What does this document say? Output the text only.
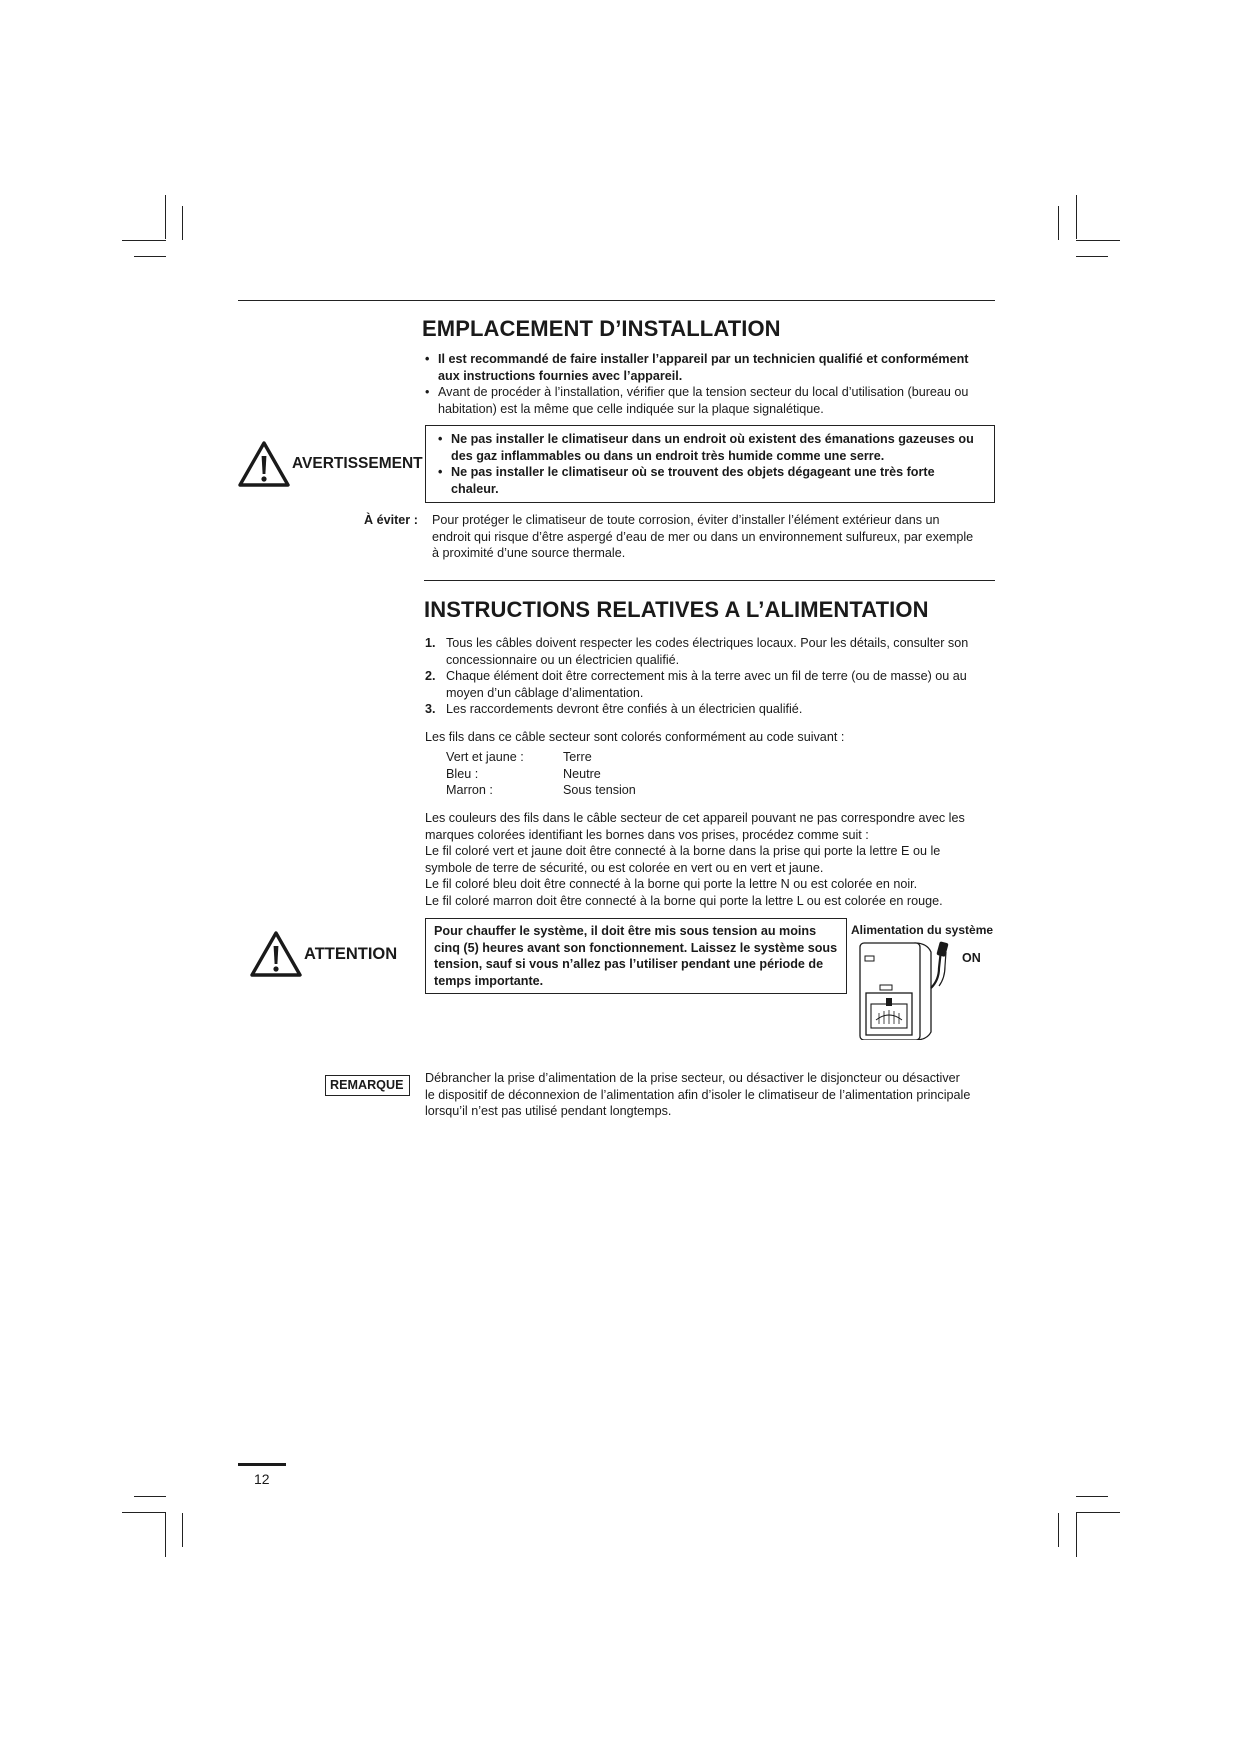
EMPLACEMENT D’INSTALLATION
• Il est recommandé de faire installer l’appareil par un technicien qualifié et conformément aux instructions fournies avec l’appareil.
• Avant de procéder à l’installation, vérifier que la tension secteur du local d’utilisation (bureau ou habitation) est la même que celle indiquée sur la plaque signalétique.
AVERTISSEMENT
• Ne pas installer le climatiseur dans un endroit où existent des émanations gazeuses ou des gaz inflammables ou dans un endroit très humide comme une serre.
• Ne pas installer le climatiseur où se trouvent des objets dégageant une très forte chaleur.
À éviter : Pour protéger le climatiseur de toute corrosion, éviter d’installer l’élément extérieur dans un endroit qui risque d’être aspergé d’eau de mer ou dans un environnement sulfureux, par exemple à proximité d’une source thermale.
INSTRUCTIONS RELATIVES A L’ALIMENTATION
1. Tous les câbles doivent respecter les codes électriques locaux. Pour les détails, consulter son concessionnaire ou un électricien qualifié.
2. Chaque élément doit être correctement mis à la terre avec un fil de terre (ou de masse) ou au moyen d’un câblage d’alimentation.
3. Les raccordements devront être confiés à un électricien qualifié.
Les fils dans ce câble secteur sont colorés conformément au code suivant :
Vert et jaune :	Terre
Bleu :	Neutre
Marron :	Sous tension
Les couleurs des fils dans le câble secteur de cet appareil pouvant ne pas correspondre avec les
marques colorées identifiant les bornes dans vos prises, procédez comme suit :
Le fil coloré vert et jaune doit être connecté à la borne dans la prise qui porte la lettre E ou le
symbole de terre de sécurité, ou est colorée en vert ou en vert et jaune.
Le fil coloré bleu doit être connecté à la borne qui porte la lettre N ou est colorée en noir.
Le fil coloré marron doit être connecté à la borne qui porte la lettre L ou est colorée en rouge.
ATTENTION
Pour chauffer le système, il doit être mis sous tension au moins cinq (5) heures avant son fonctionnement. Laissez le système sous tension, sauf si vous n’allez pas l’utiliser pendant une période de temps importante.
Alimentation du système
ON
REMARQUE	Débrancher la prise d’alimentation de la prise secteur, ou désactiver le disjoncteur ou désactiver
le dispositif de déconnexion de l’alimentation afin d’isoler le climatiseur de l’alimentation principale
lorsqu’il n’est pas utilisé pendant longtemps.
12
